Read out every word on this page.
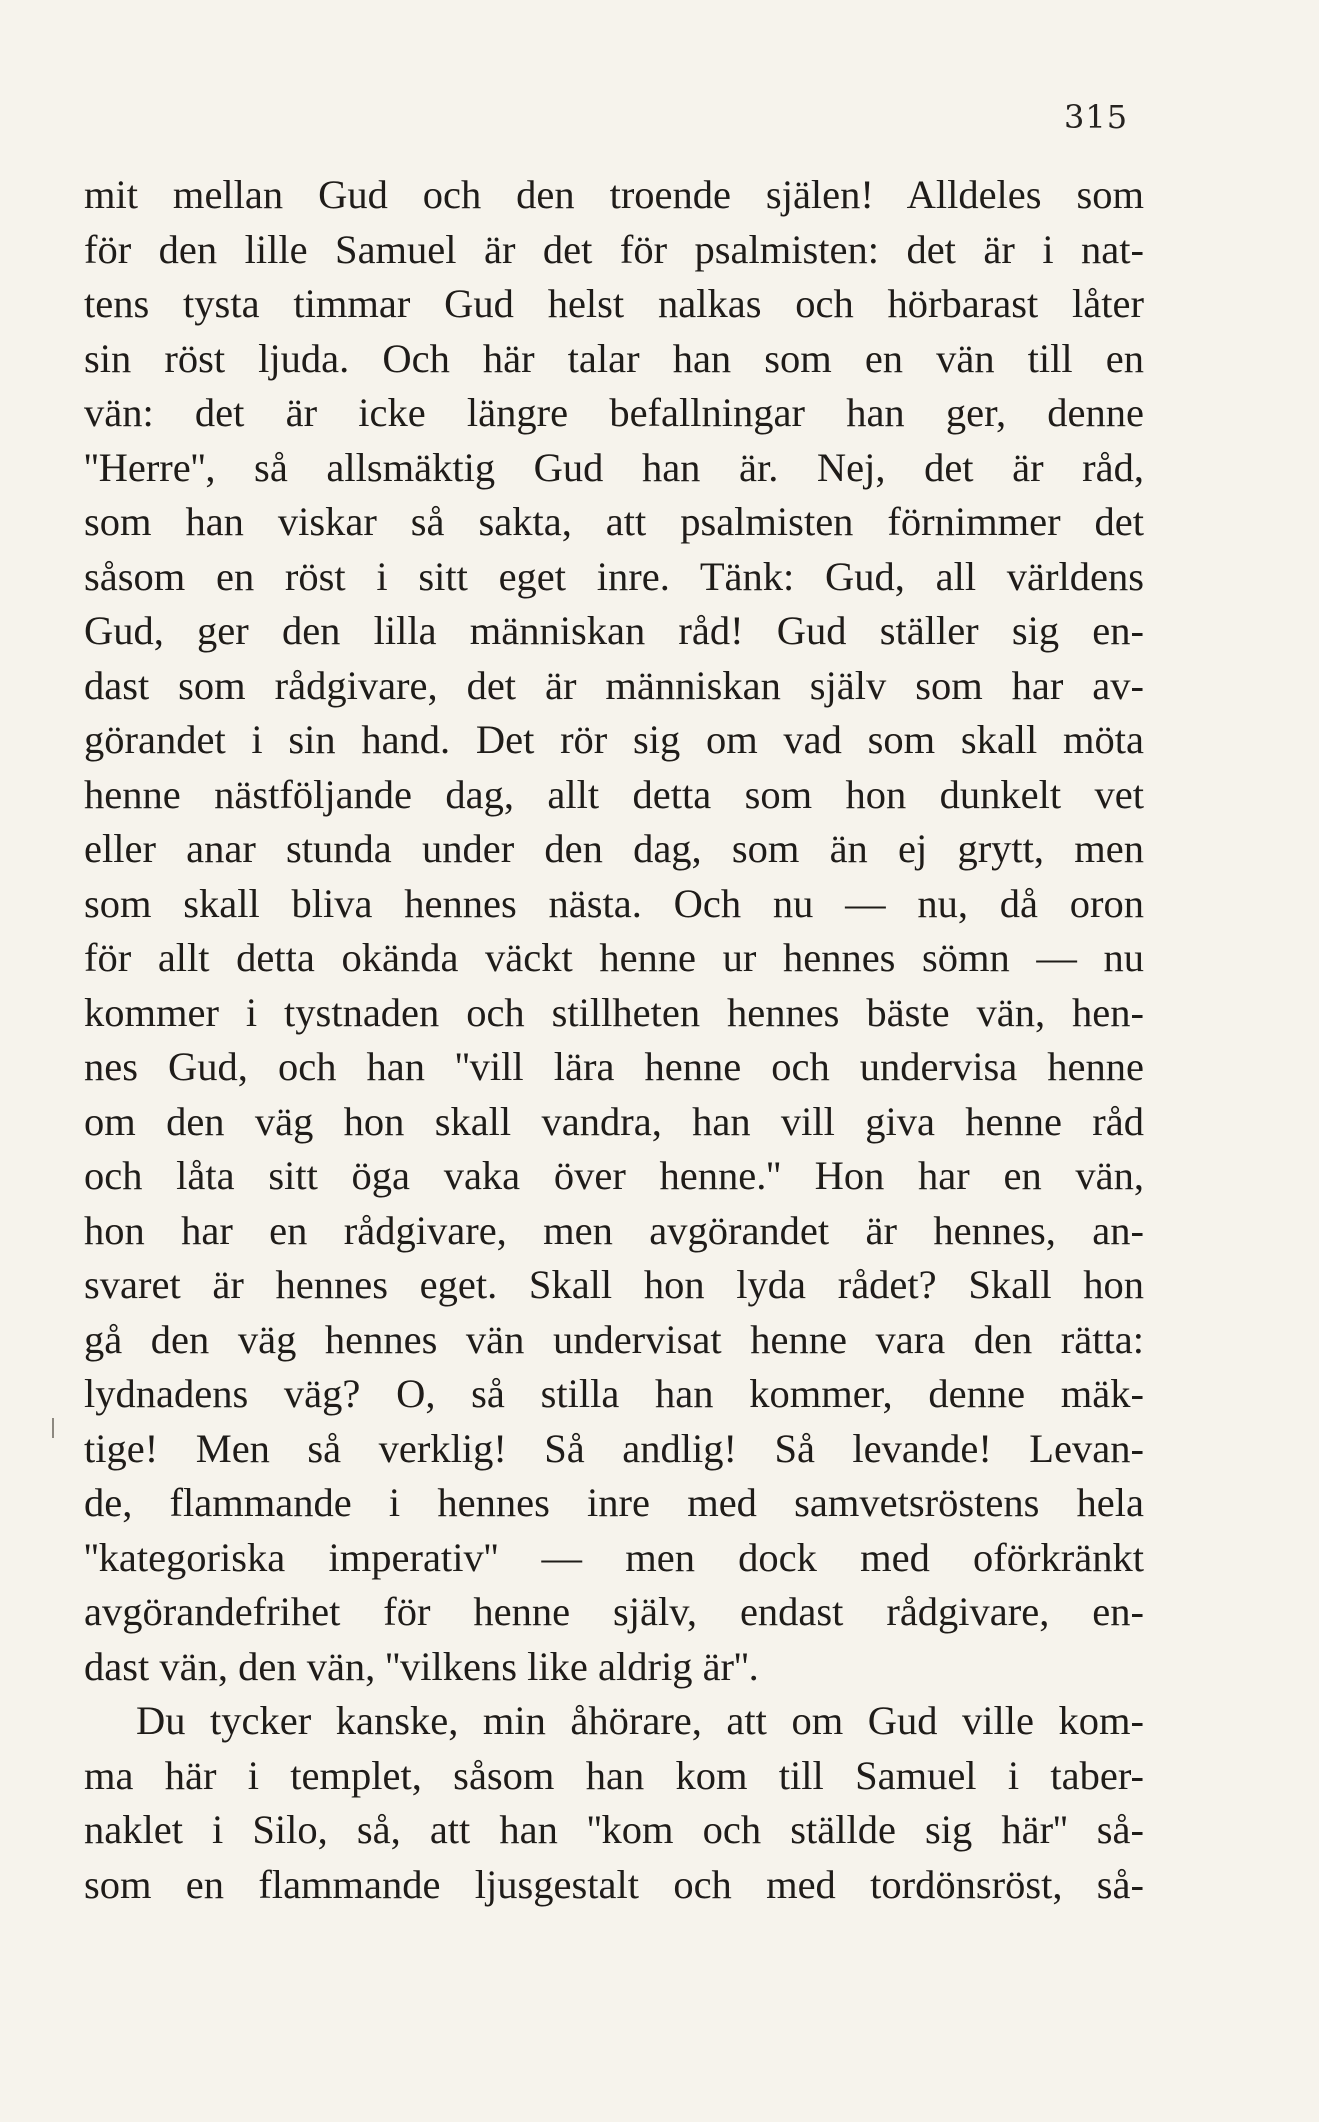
315
mit mellan Gud och den troende själen! Alldeles som
för den lille Samuel är det för psalmisten: det är i nat-
tens tysta timmar Gud helst nalkas och hörbarast låter
sin röst ljuda. Och här talar han som en vän till en
vän: det är icke längre befallningar han ger, denne
''Herre'', så allsmäktig Gud han är. Nej, det är råd,
som han viskar så sakta, att psalmisten förnimmer det
såsom en röst i sitt eget inre. Tänk: Gud, all världens
Gud, ger den lilla människan råd! Gud ställer sig en-
dast som rådgivare, det är människan själv som har av-
görandet i sin hand. Det rör sig om vad som skall möta
henne nästföljande dag, allt detta som hon dunkelt vet
eller anar stunda under den dag, som än ej grytt, men
som skall bliva hennes nästa. Och nu — nu, då oron
för allt detta okända väckt henne ur hennes sömn — nu
kommer i tystnaden och stillheten hennes bäste vän, hen-
nes Gud, och han ''vill lära henne och undervisa henne
om den väg hon skall vandra, han vill giva henne råd
och låta sitt öga vaka över henne.'' Hon har en vän,
hon har en rådgivare, men avgörandet är hennes, an-
svaret är hennes eget. Skall hon lyda rådet? Skall hon
gå den väg hennes vän undervisat henne vara den rätta:
lydnadens väg? O, så stilla han kommer, denne mäk-
tige! Men så verklig! Så andlig! Så levande! Levan-
de, flammande i hennes inre med samvetsröstens hela
''kategoriska imperativ'' — men dock med oförkränkt
avgörandefrihet för henne själv, endast rådgivare, en-
dast vän, den vän, ''vilkens like aldrig är''.
Du tycker kanske, min åhörare, att om Gud ville kom-
ma här i templet, såsom han kom till Samuel i taber-
naklet i Silo, så, att han ''kom och ställde sig här'' så-
som en flammande ljusgestalt och med tordönsröst, så-
